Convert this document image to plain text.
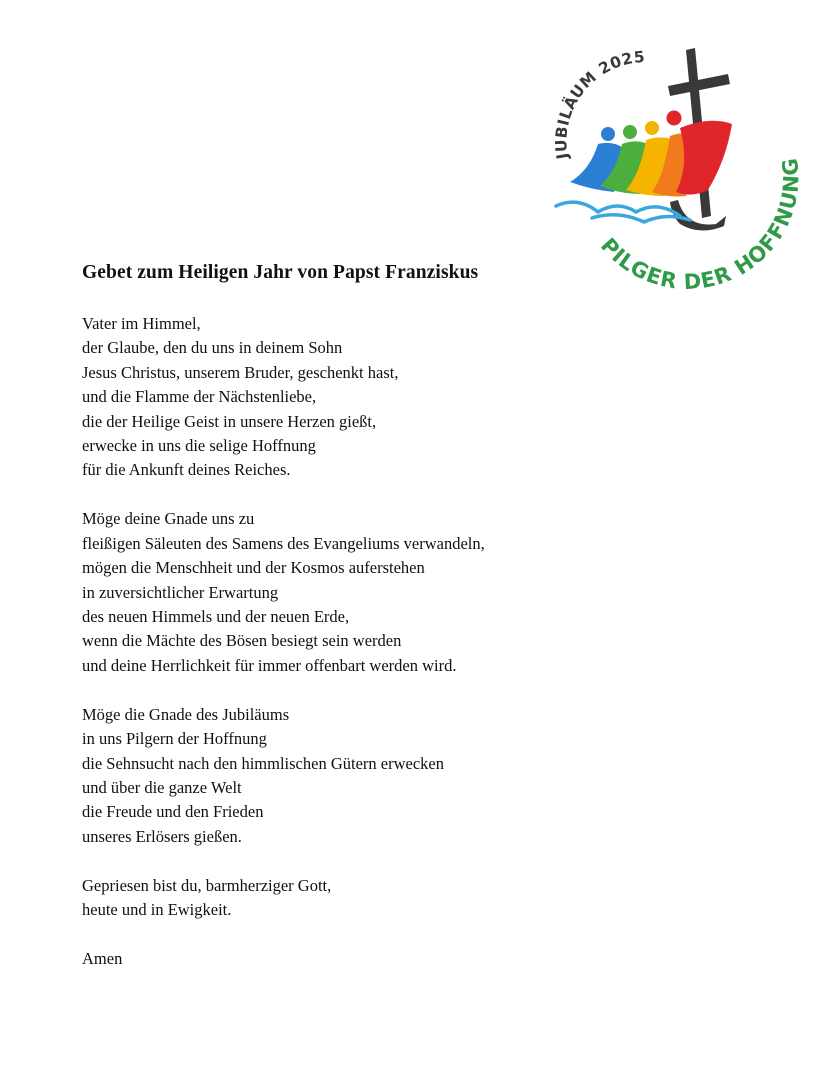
JUBILÄUM 2025
PILGER DER HOFFNU
Gebet zum Heiligen Jahr von Papst Franziskus
Vater im Himmel,
der Glaube, den du uns in deinem Sohn
Jesus Christus, unserem Bruder, geschenkt hast,
und die Flamme der Nächstenliebe,
die der Heilige Geist in unsere Herzen gießt,
erwecke in uns die selige Hoffnung
für die Ankunft deines Reiches.
Möge deine Gnade uns zu
fleißigen Säleuten des Samens des Evangeliums verwandeln,
mögen die Menschheit und der Kosmos auferstehen
in zuversichtlicher Erwartung
des neuen Himmels und der neuen Erde,
wenn die Mächte des Bösen besiegt sein werden
und deine Herrlichkeit für immer offenbart werden wird.
Möge die Gnade des Jubiläums
in uns Pilgern der Hoffnung
die Sehnsucht nach den himmlischen Gütern erwecken
und über die ganze Welt
die Freude und den Frieden
unseres Erlösers gießen.
Gepriesen bist du, barmherziger Gott,
heute und in Ewigkeit.
Amen
